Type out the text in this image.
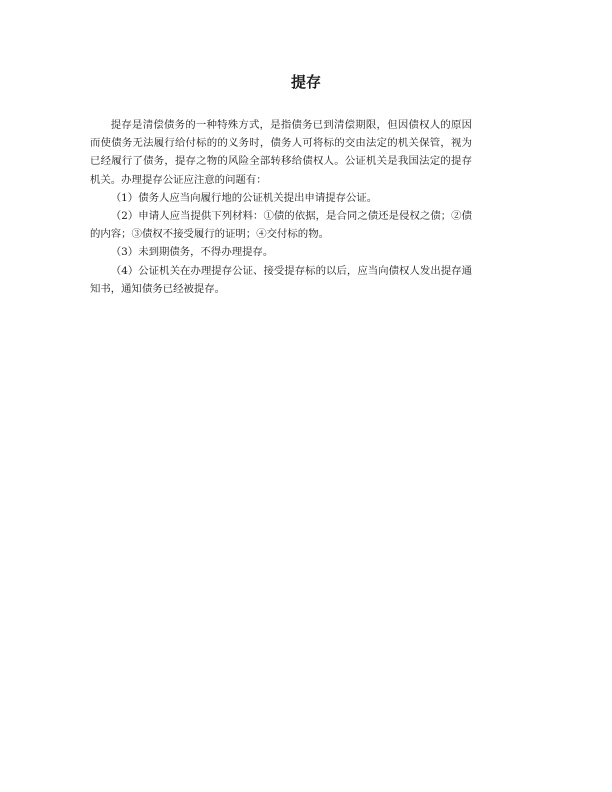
提存

提存是清偿债务的一种特殊方式，是指债务已到清偿期限，但因债权人的原因而使债务无法履行给付标的的义务时，债务人可将标的交由法定的机关保管，视为已经履行了债务，提存之物的风险全部转移给债权人。公证机关是我国法定的提存机关。办理提存公证应注意的问题有：

（1）债务人应当向履行地的公证机关提出申请提存公证。

（2）申请人应当提供下列材料：①债的依据，是合同之债还是侵权之债；②债的内容；③债权不接受履行的证明；④交付标的物。

（3）未到期债务，不得办理提存。

（4）公证机关在办理提存公证、接受提存标的以后，应当向债权人发出提存通知书，通知债务已经被提存。
